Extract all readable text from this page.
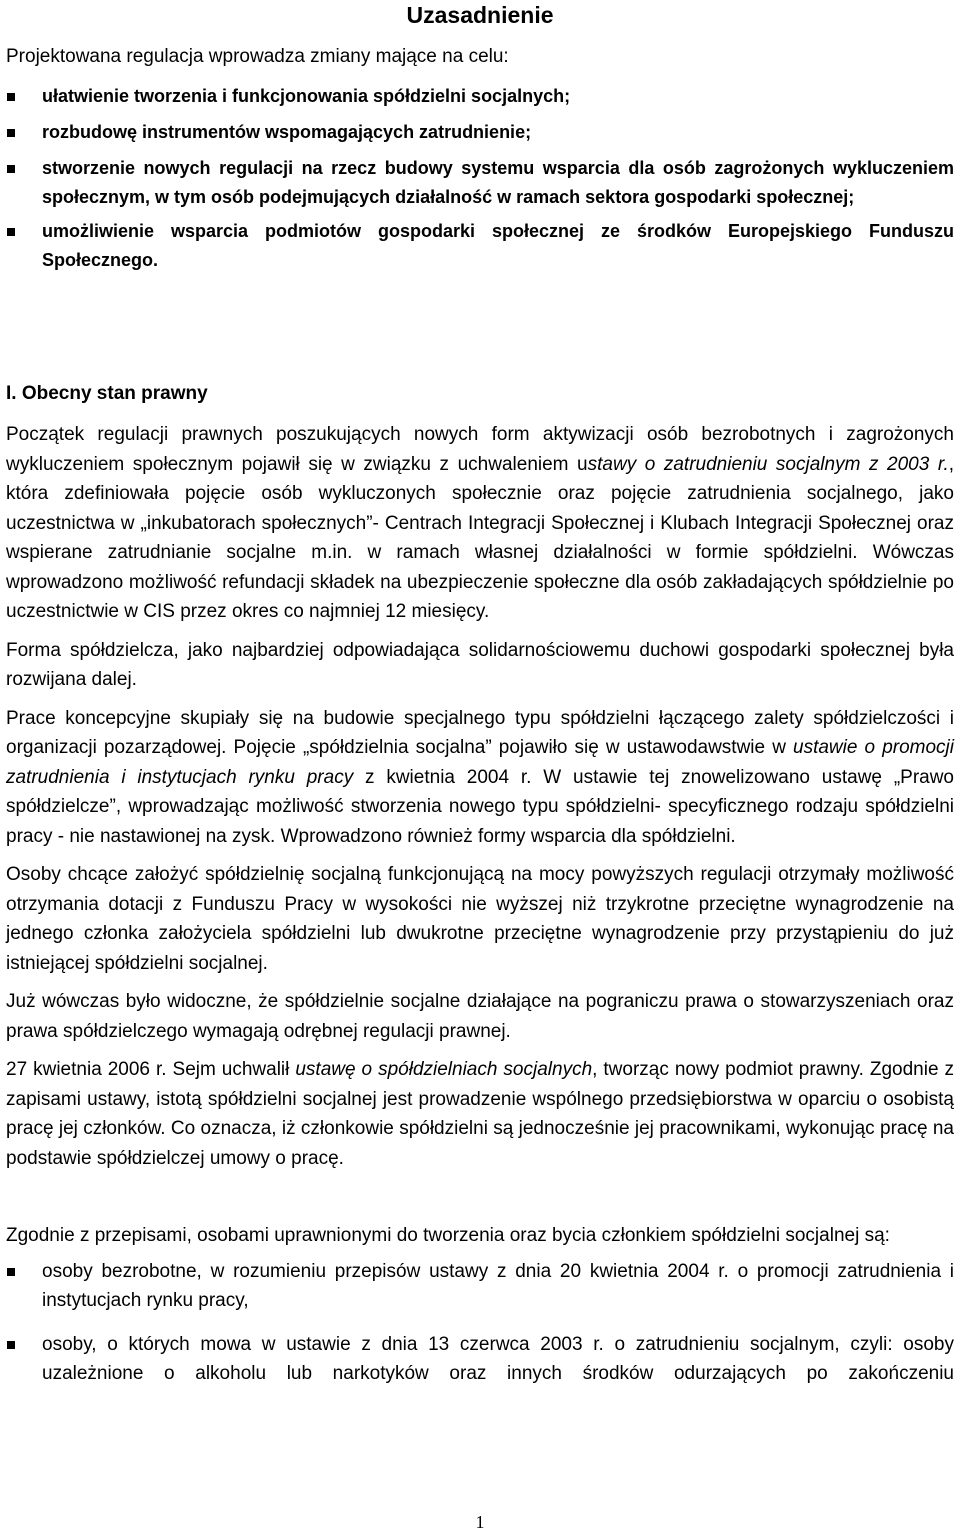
Uzasadnienie

Projektowana regulacja wprowadza zmiany mające na celu:

ułatwienie tworzenia i funkcjonowania spółdzielni socjalnych;
rozbudowę instrumentów wspomagających zatrudnienie;
stworzenie nowych regulacji na rzecz budowy systemu wsparcia dla osób zagrożonych wykluczeniem społecznym, w tym osób podejmujących działalność w ramach sektora gospodarki społecznej;
umożliwienie wsparcia podmiotów gospodarki społecznej ze środków Europejskiego Funduszu Społecznego.
I. Obecny stan prawny

Początek regulacji prawnych poszukujących nowych form aktywizacji osób bezrobotnych i zagrożonych wykluczeniem społecznym pojawił się w związku z uchwaleniem ustawy o zatrudnieniu socjalnym z 2003 r., która zdefiniowała pojęcie osób wykluczonych społecznie oraz pojęcie zatrudnienia socjalnego, jako uczestnictwa w „inkubatorach społecznych”- Centrach Integracji Społecznej i Klubach Integracji Społecznej oraz wspierane zatrudnianie socjalne m.in. w ramach własnej działalności w formie spółdzielni. Wówczas wprowadzono możliwość refundacji składek na ubezpieczenie społeczne dla osób zakładających spółdzielnie po uczestnictwie w CIS przez okres co najmniej 12 miesięcy.

Forma spółdzielcza, jako najbardziej odpowiadająca solidarnościowemu duchowi gospodarki społecznej była rozwijana dalej.

Prace koncepcyjne skupiały się na budowie specjalnego typu spółdzielni łączącego zalety spółdzielczości i organizacji pozarządowej. Pojęcie „spółdzielnia socjalna” pojawiło się w ustawodawstwie w ustawie o promocji zatrudnienia i instytucjach rynku pracy z kwietnia 2004 r. W ustawie tej znowelizowano ustawę „Prawo spółdzielcze”, wprowadzając możliwość stworzenia nowego typu spółdzielni- specyficznego rodzaju spółdzielni pracy - nie nastawionej na zysk. Wprowadzono również formy wsparcia dla spółdzielni.

Osoby chcące założyć spółdzielnię socjalną funkcjonującą na mocy powyższych regulacji otrzymały możliwość otrzymania dotacji z Funduszu Pracy w wysokości nie wyższej niż trzykrotne przeciętne wynagrodzenie na jednego członka założyciela spółdzielni lub dwukrotne przeciętne wynagrodzenie przy przystąpieniu do już istniejącej spółdzielni socjalnej.

Już wówczas było widoczne, że spółdzielnie socjalne działające na pograniczu prawa o stowarzyszeniach oraz prawa spółdzielczego wymagają odrębnej regulacji prawnej.

27 kwietnia 2006 r. Sejm uchwalił ustawę o spółdzielniach socjalnych, tworząc nowy podmiot prawny. Zgodnie z zapisami ustawy, istotą spółdzielni socjalnej jest prowadzenie wspólnego przedsiębiorstwa w oparciu o osobistą pracę jej członków. Co oznacza, iż członkowie spółdzielni są jednocześnie jej pracownikami, wykonując pracę na podstawie spółdzielczej umowy o pracę.

Zgodnie z przepisami, osobami uprawnionymi do tworzenia oraz bycia członkiem spółdzielni socjalnej są:

osoby bezrobotne, w rozumieniu przepisów ustawy z dnia 20 kwietnia 2004 r. o promocji zatrudnienia i instytucjach rynku pracy,
osoby, o których mowa w ustawie z dnia 13 czerwca 2003 r. o zatrudnieniu socjalnym, czyli: osoby uzależnione o alkoholu lub narkotyków oraz innych środków odurzających po zakończeniu

1
